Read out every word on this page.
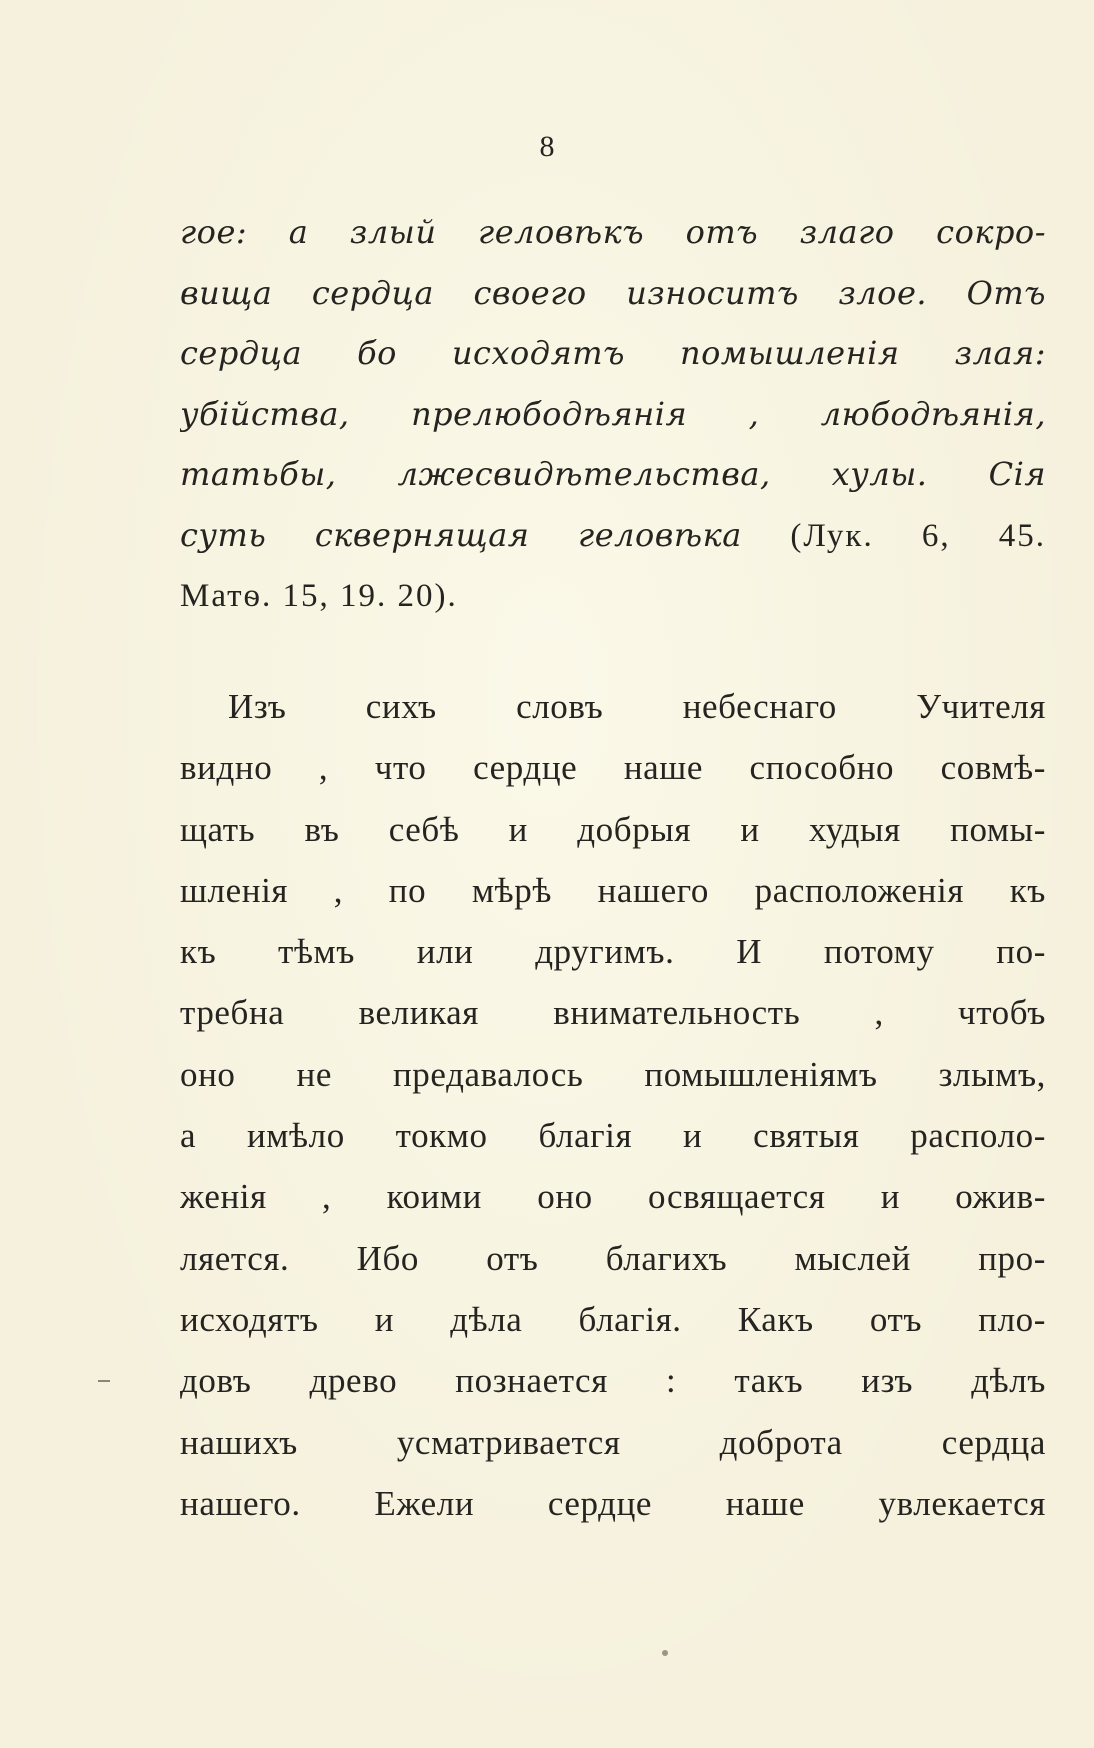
8
гое: а злый геловѣкъ отъ злаго сокро-
вища сердца своего износитъ злое. Отъ
сердца бо исходятъ помышленія злая:
убійства, прелюбодѣянія , любодѣянія,
татьбы, лжесвидѣтельства, хулы. Сія
суть сквернящая геловѣка (Лук. 6, 45.
Матѳ. 15, 19. 20).
Изъ сихъ словъ небеснаго Учителя
видно , что сердце наше способно совмѣ-
щать въ себѣ и добрыя и худыя помы-
шленія , по мѣрѣ нашего расположенія къ
къ тѣмъ или другимъ. И потому по-
требна великая внимательность , чтобъ
оно не предавалось помышленіямъ злымъ,
а имѣло токмо благія и святыя располо-
женія , коими оно освящается и ожив-
ляется. Ибо отъ благихъ мыслей про-
исходятъ и дѣла благія. Какъ отъ пло-
довъ древо познается : такъ изъ дѣлъ
нашихъ усматривается доброта сердца
нашего. Ежели сердце наше увлекается
